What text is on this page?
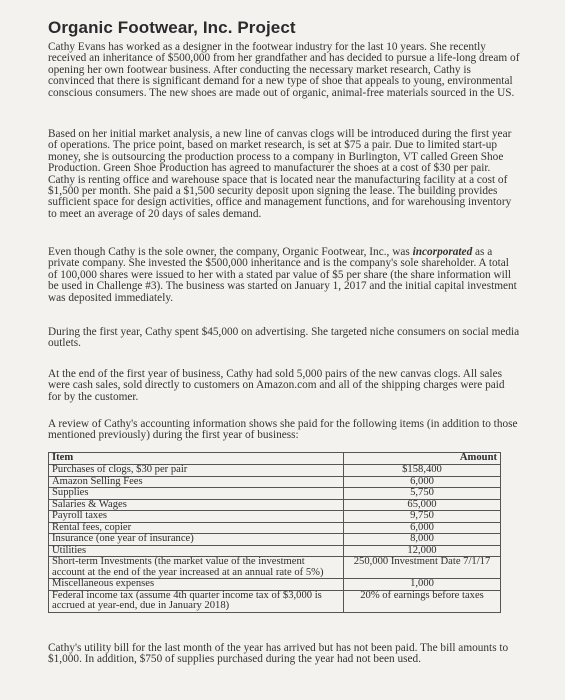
Organic Footwear, Inc. Project

Cathy Evans has worked as a designer in the footwear industry for the last 10 years. She recently received an inheritance of $500,000 from her grandfather and has decided to pursue a life-long dream of opening her own footwear business. After conducting the necessary market research, Cathy is convinced that there is significant demand for a new type of shoe that appeals to young, environmental conscious consumers. The new shoes are made out of organic, animal-free materials sourced in the US.

Based on her initial market analysis, a new line of canvas clogs will be introduced during the first year of operations. The price point, based on market research, is set at $75 a pair. Due to limited start-up money, she is outsourcing the production process to a company in Burlington, VT called Green Shoe Production. Green Shoe Production has agreed to manufacturer the shoes at a cost of $30 per pair. Cathy is renting office and warehouse space that is located near the manufacturing facility at a cost of $1,500 per month. She paid a $1,500 security deposit upon signing the lease. The building provides sufficient space for design activities, office and management functions, and for warehousing inventory to meet an average of 20 days of sales demand.

Even though Cathy is the sole owner, the company, Organic Footwear, Inc., was incorporated as a private company. She invested the $500,000 inheritance and is the company's sole shareholder. A total of 100,000 shares were issued to her with a stated par value of $5 per share (the share information will be used in Challenge #3). The business was started on January 1, 2017 and the initial capital investment was deposited immediately.

During the first year, Cathy spent $45,000 on advertising. She targeted niche consumers on social media outlets.

At the end of the first year of business, Cathy had sold 5,000 pairs of the new canvas clogs. All sales were cash sales, sold directly to customers on Amazon.com and all of the shipping charges were paid for by the customer.

A review of Cathy's accounting information shows she paid for the following items (in addition to those mentioned previously) during the first year of business:

Item	Amount
Purchases of clogs, $30 per pair	$158,400
Amazon Selling Fees	6,000
Supplies	5,750
Salaries & Wages	65,000
Payroll taxes	9,750
Rental fees, copier	6,000
Insurance (one year of insurance)	8,000
Utilities	12,000
Short-term Investments (the market value of the investment account at the end of the year increased at an annual rate of 5%)	250,000 Investment Date 7/1/17
Miscellaneous expenses	1,000
Federal income tax (assume 4th quarter income tax of $3,000 is accrued at year-end, due in January 2018)	20% of earnings before taxes

Cathy's utility bill for the last month of the year has arrived but has not been paid. The bill amounts to $1,000. In addition, $750 of supplies purchased during the year had not been used.
